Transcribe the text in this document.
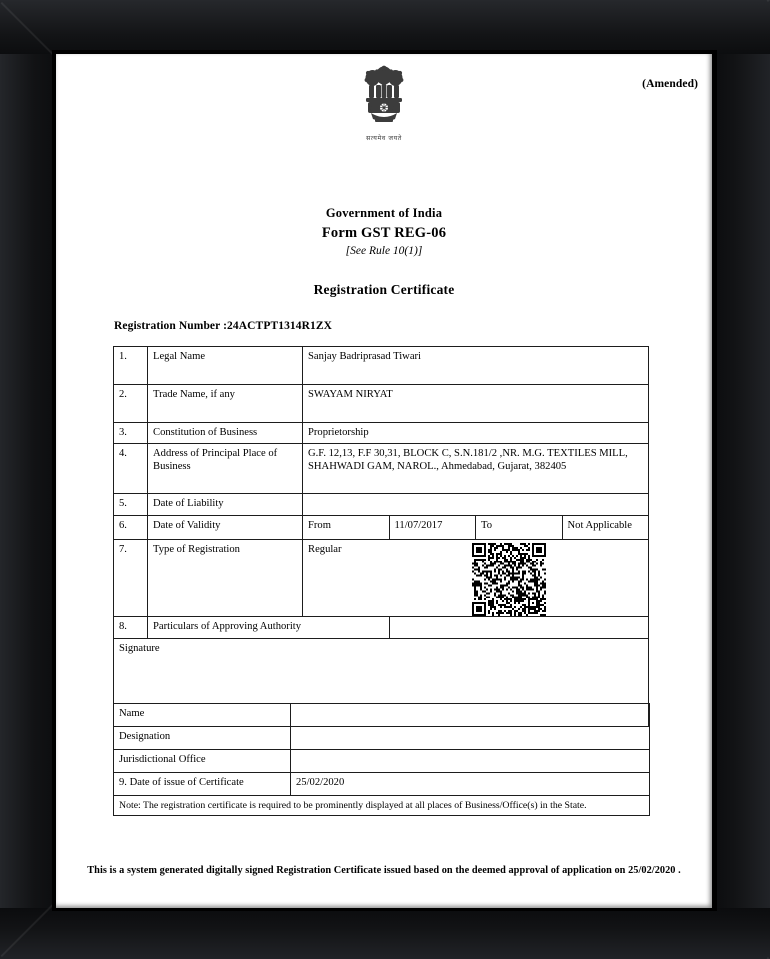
(Amended)
सत्यमेव जयते
Government of India
Form GST REG-06
[See Rule 10(1)]
Registration Certificate
Registration Number :24ACTPT1314R1ZX
1.	Legal Name	Sanjay Badriprasad Tiwari			
2.	Trade Name, if any	SWAYAM NIRYAT			
3.	Constitution of Business	Proprietorship			
4.	Address of Principal Place of Business	G.F. 12,13, F.F 30,31, BLOCK C, S.N.181/2 ,NR. M.G. TEXTILES MILL, SHAHWADI GAM, NAROL., Ahmedabad, Gujarat, 382405			
5.	Date of Liability				
6.	Date of Validity	From	11/07/2017	To	Not Applicable
7.	Type of Registration	Regular			

8.	Particulars of Approving Authority				
Signature					
Name	
Designation	
Jurisdictional Office	
9. Date of issue of Certificate	25/02/2020
Note: The registration certificate is required to be prominently displayed at all places of Business/Office(s) in the State.	
This is a system generated digitally signed Registration Certificate issued based on the deemed approval of application on 25/02/2020 .
